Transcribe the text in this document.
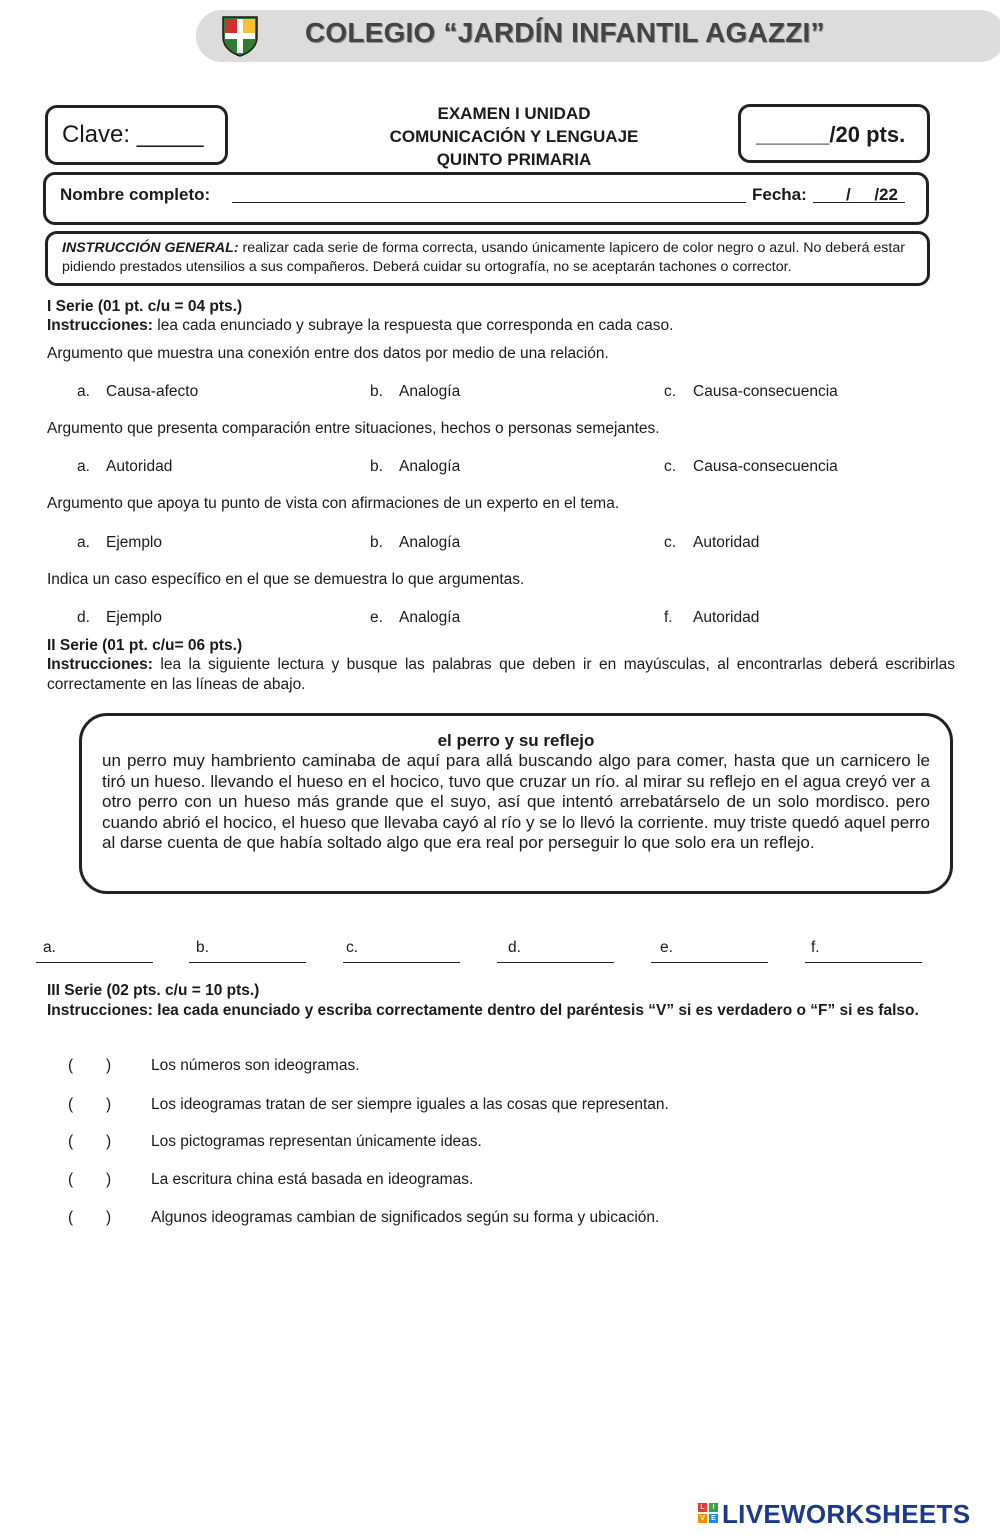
COLEGIO “JARDÍN INFANTIL AGAZZI”
Clave: _____
EXAMEN I UNIDAD
COMUNICACIÓN Y LENGUAJE
QUINTO PRIMARIA
______/20 pts.
Nombre completo:	Fecha: /     /22
INSTRUCCIÓN GENERAL: realizar cada serie de forma correcta, usando únicamente lapicero de color negro o azul. No deberá estar pidiendo prestados utensilios a sus compañeros. Deberá cuidar su ortografía, no se aceptarán tachones o corrector.
I Serie (01 pt. c/u = 04 pts.)
Instrucciones: lea cada enunciado y subraye la respuesta que corresponda en cada caso.
Argumento que muestra una conexión entre dos datos por medio de una relación.
a. Causa-afecto	b. Analogía	c. Causa-consecuencia
Argumento que presenta comparación entre situaciones, hechos o personas semejantes.
a. Autoridad	b. Analogía	c. Causa-consecuencia
Argumento que apoya tu punto de vista con afirmaciones de un experto en el tema.
a. Ejemplo	b. Analogía	c. Autoridad
Indica un caso específico en el que se demuestra lo que argumentas.
d. Ejemplo	e. Analogía	f. Autoridad
II Serie (01 pt. c/u= 06 pts.)
Instrucciones: lea la siguiente lectura y busque las palabras que deben ir en mayúsculas, al encontrarlas deberá escribirlas correctamente en las líneas de abajo.
el perro y su reflejo
un perro muy hambriento caminaba de aquí para allá buscando algo para comer, hasta que un carnicero le tiró un hueso. llevando el hueso en el hocico, tuvo que cruzar un río. al mirar su reflejo en el agua creyó ver a otro perro con un hueso más grande que el suyo, así que intentó arrebatárselo de un solo mordisco. pero cuando abrió el hocico, el hueso que llevaba cayó al río y se lo llevó la corriente. muy triste quedó aquel perro al darse cuenta de que había soltado algo que era real por perseguir lo que solo era un reflejo.
a.	b.	c.	d.	e.	f.
III Serie (02 pts. c/u = 10 pts.)
Instrucciones: lea cada enunciado y escriba correctamente dentro del paréntesis “V” si es verdadero o “F” si es falso.
( )	Los números son ideogramas.
( )	Los ideogramas tratan de ser siempre iguales a las cosas que representan.
( )	Los pictogramas representan únicamente ideas.
( )	La escritura china está basada en ideogramas.
( )	Algunos ideogramas cambian de significados según su forma y ubicación.
L	I
V E LIVEWORKSHEETS
